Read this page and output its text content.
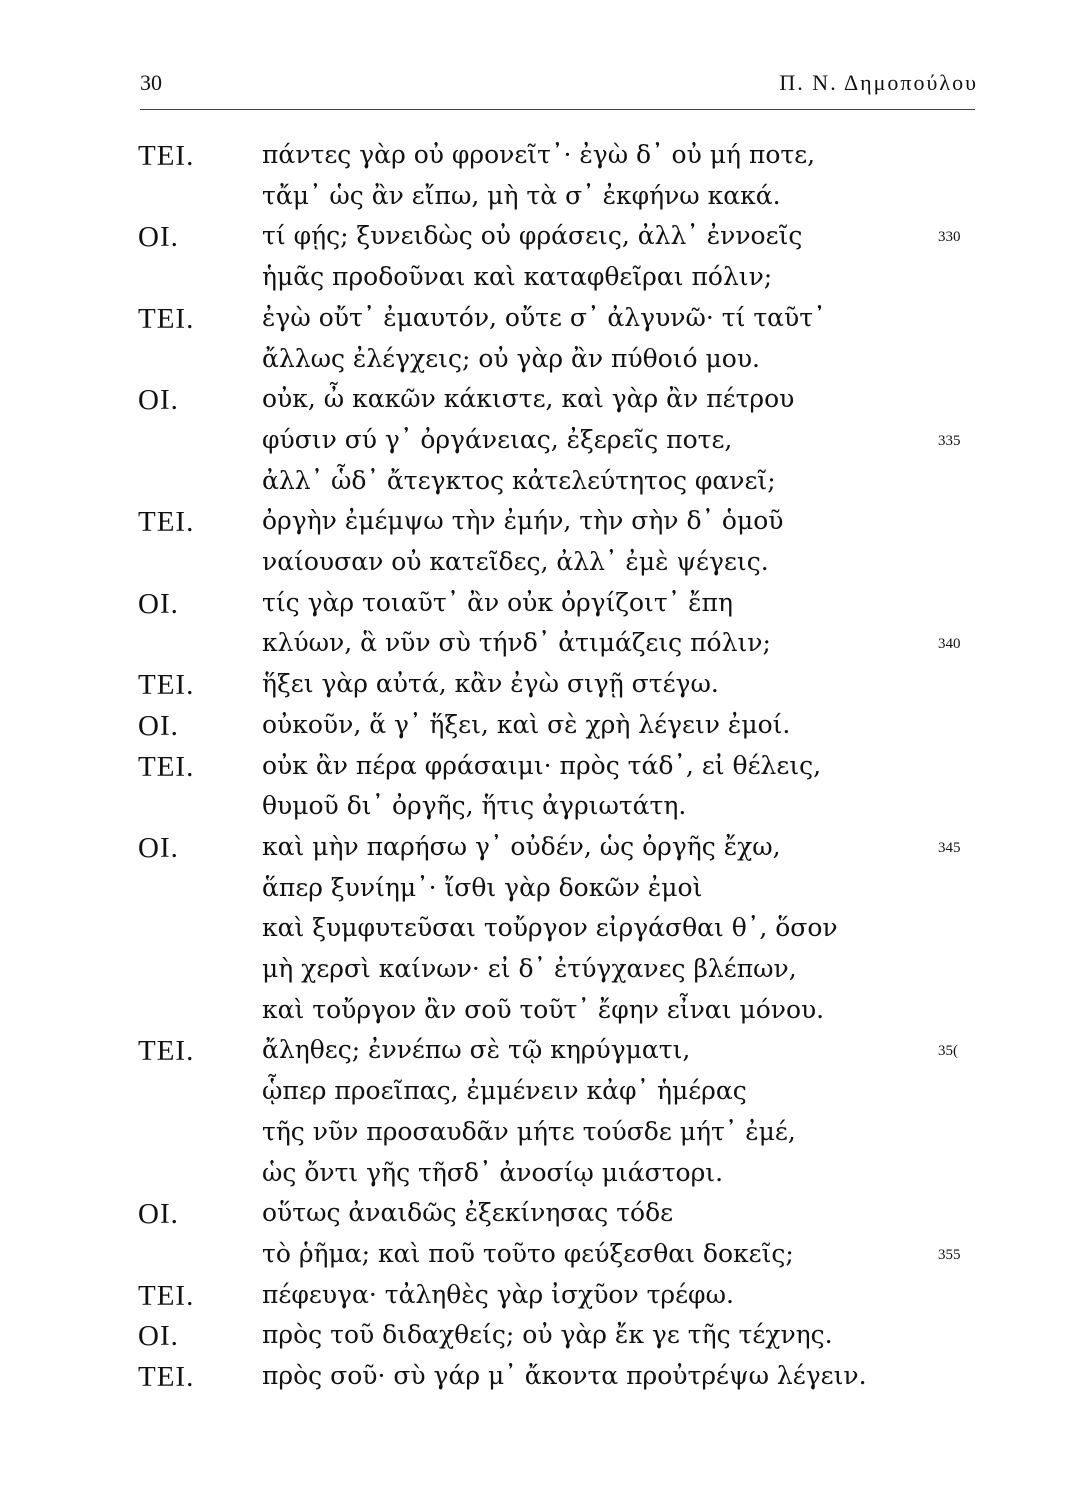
30	Π. Ν. Δημοπούλου
ΤΕΙ.	πάντες γὰρ οὐ φρονεῖτ᾽· ἐγὼ δ᾽ οὐ μή ποτε,
τἄμ᾽ ὡς ἂν εἴπω, μὴ τὰ σ᾽ ἐκφήνω κακά.
ΟΙ.	τί φῄς; ξυνειδὼς οὐ φράσεις, ἀλλ᾽ ἐννοεῖς	330
ἡμᾶς προδοῦναι καὶ καταφθεῖραι πόλιν;
ΤΕΙ.	ἐγὼ οὔτ᾽ ἐμαυτόν, οὔτε σ᾽ ἀλγυνῶ· τί ταῦτ᾽
ἄλλως ἐλέγχεις; οὐ γὰρ ἂν πύθοιό μου.
ΟΙ.	οὐκ, ὦ κακῶν κάκιστε, καὶ γὰρ ἂν πέτρου
φύσιν σύ γ᾽ ὀργάνειας, ἐξερεῖς ποτε,	335
ἀλλ᾽ ὧδ᾽ ἄτεγκτος κἀτελεύτητος φανεῖ;
ΤΕΙ.	ὀργὴν ἐμέμψω τὴν ἐμήν, τὴν σὴν δ᾽ ὁμοῦ
ναίουσαν οὐ κατεῖδες, ἀλλ᾽ ἐμὲ ψέγεις.
ΟΙ.	τίς γὰρ τοιαῦτ᾽ ἂν οὐκ ὀργίζοιτ᾽ ἔπη
κλύων, ἃ νῦν σὺ τήνδ᾽ ἀτιμάζεις πόλιν;	340
ΤΕΙ.	ἥξει γὰρ αὐτά, κἂν ἐγὼ σιγῇ στέγω.
ΟΙ.	οὐκοῦν, ἅ γ᾽ ἥξει, καὶ σὲ χρὴ λέγειν ἐμοί.
ΤΕΙ.	οὐκ ἂν πέρα φράσαιμι· πρὸς τάδ᾽, εἰ θέλεις,
θυμοῦ δι᾽ ὀργῆς, ἥτις ἀγριωτάτη.
ΟΙ.	καὶ μὴν παρήσω γ᾽ οὐδέν, ὡς ὀργῆς ἔχω,	345
ἅπερ ξυνίημ᾽· ἴσθι γὰρ δοκῶν ἐμοὶ
καὶ ξυμφυτεῦσαι τοὔργον εἰργάσθαι θ᾽, ὅσον
μὴ χερσὶ καίνων· εἰ δ᾽ ἐτύγχανες βλέπων,
καὶ τοὔργον ἂν σοῦ τοῦτ᾽ ἔφην εἶναι μόνου.
ΤΕΙ.	ἄληθες; ἐννέπω σὲ τῷ κηρύγματι,	35(
ᾧπερ προεῖπας, ἐμμένειν κἀφ᾽ ἡμέρας
τῆς νῦν προσαυδᾶν μήτε τούσδε μήτ᾽ ἐμέ,
ὡς ὄντι γῆς τῆσδ᾽ ἀνοσίῳ μιάστορι.
ΟΙ.	οὕτως ἀναιδῶς ἐξεκίνησας τόδε
τὸ ῥῆμα; καὶ ποῦ τοῦτο φεύξεσθαι δοκεῖς;	355
ΤΕΙ.	πέφευγα· τἀληθὲς γὰρ ἰσχῦον τρέφω.
ΟΙ.	πρὸς τοῦ διδαχθείς; οὐ γὰρ ἔκ γε τῆς τέχνης.
ΤΕΙ.	πρὸς σοῦ· σὺ γάρ μ᾽ ἄκοντα προὐτρέψω λέγειν.
